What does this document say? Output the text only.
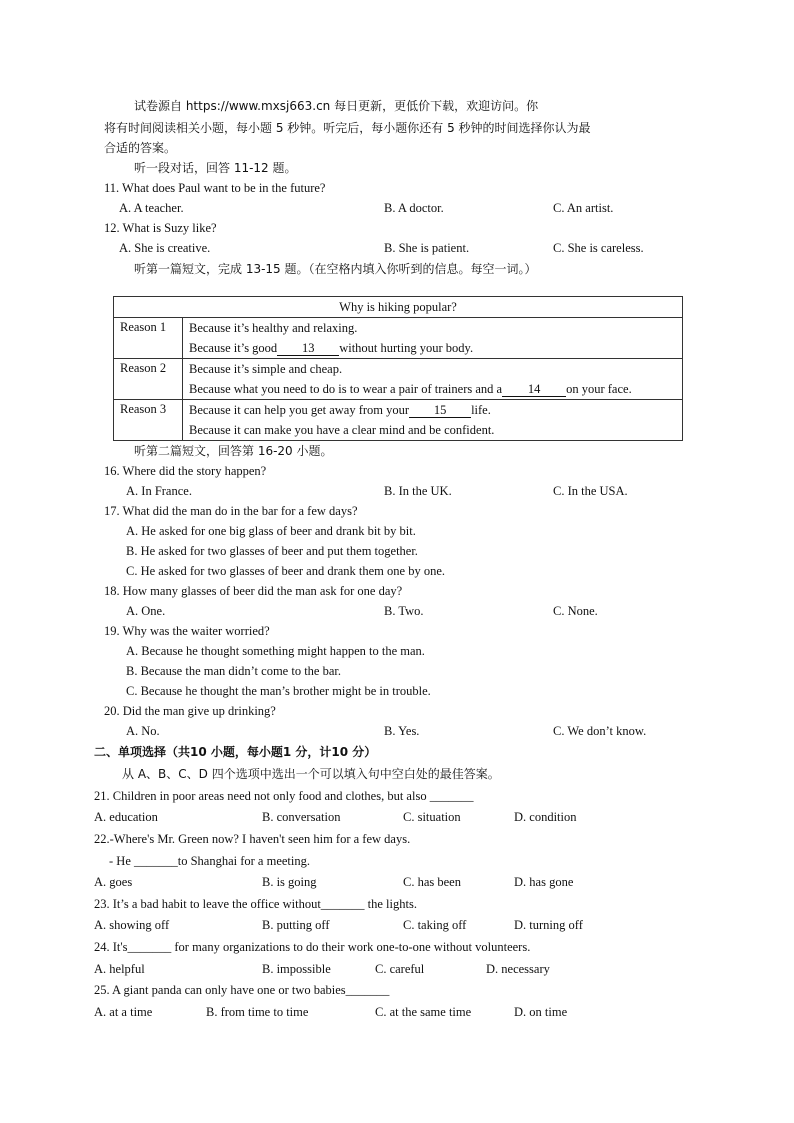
试卷源自 https://www.mxsj663.cn 每日更新，更低价下载，欢迎访问。你
将有时间阅读相关小题，每小题 5 秒钟。听完后，每小题你还有 5 秒钟的时间选择你认为最
合适的答案。
听一段对话，回答 11-12 题。
11. What does Paul want to be in the future?
A. A teacher.	B. A doctor.	C. An artist.
12. What is Suzy like?
A. She is creative.	B. She is patient.	C. She is careless.
听第一篇短文，完成 13-15 题。（在空格内填入你听到的信息。每空一词。）
Why is hiking popular?	
Reason 1	Because it’s healthy and relaxing.
Because it’s good 13 without hurting your body.

Reason 2	Because it’s simple and cheap.
Because what you need to do is to wear a pair of trainers and a 14 on your face.

Reason 3	Because it can help you get away from your 15 life.
Because it can make you have a clear mind and be confident.
听第二篇短文，回答第 16-20 小题。
16. Where did the story happen?
A. In France.	B. In the UK.	C. In the USA.
17. What did the man do in the bar for a few days?
A. He asked for one big glass of beer and drank bit by bit.
B. He asked for two glasses of beer and put them together.
C. He asked for two glasses of beer and drank them one by one.
18. How many glasses of beer did the man ask for one day?
A. One.	B. Two.	C. None.
19. Why was the waiter worried?
A. Because he thought something might happen to the man.
B. Because the man didn’t come to the bar.
C. Because he thought the man’s brother might be in trouble.
20. Did the man give up drinking?
A. No.	B. Yes.	C. We don’t know.
二、单项选择（共10 小题，每小题1 分，计10 分）
从 A、B、C、D 四个选项中选出一个可以填入句中空白处的最佳答案。
21. Children in poor areas need not only food and clothes, but also _______
A. education	B. conversation	C. situation	D. condition
22.-Where's Mr. Green now? I haven't seen him for a few days.
- He _______to Shanghai for a meeting.
A. goes	B. is going	C. has been	D. has gone
23. It’s a bad habit to leave the office without_______ the lights.
A. showing off	B. putting off	C. taking off	D. turning off
24. It's_______ for many organizations to do their work one-to-one without volunteers.
A. helpful	B. impossible	C. careful	D. necessary
25. A giant panda can only have one or two babies_______
A. at a time	B. from time to time	C. at the same time	D. on time
